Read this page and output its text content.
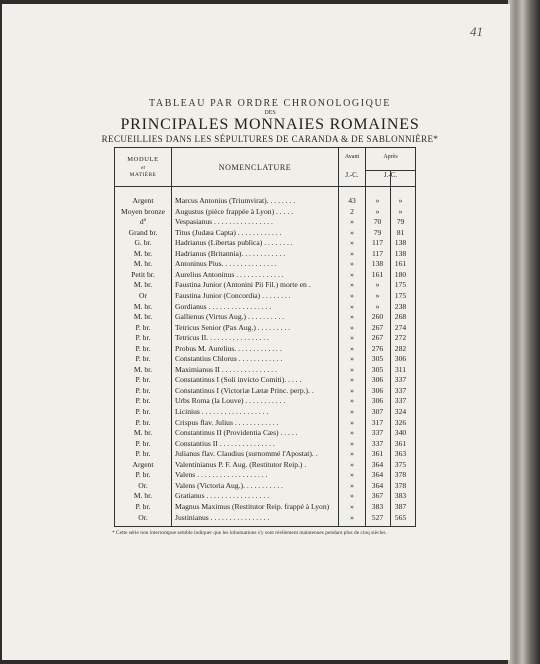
41
TABLEAU PAR ORDRE CHRONOLOGIQUE
DES
PRINCIPALES MONNAIES ROMAINES
RECUEILLIES DANS LES SÉPULTURES DE CARANDA & DE SABLONNIÈRE*
MODULE
et
MATIÈRE
NOMENCLATURE
Avant
J.-C.
Après
J.-C.
Argent	Marcus Antonius (Triumvirat). . . . . . . .	43	»	»
Moyen bronze	Augustus (pièce frappée à Lyon) . . . . .	2	»	»
dº	Vespasianus . . . . . . . . . . . . . . . .	»	70 79
Grand br.	Titus (Judæa Capta) . . . . . . . . . . . .	»	79 81
G. br.	Hadrianus (Libertas publica) . . . . . . . .	»	117 138
M. br.	Hadrianus (Britannia). . . . . . . . . . . .	»	117 138
M. br.	Antoninus Pius. . . . . . . . . . . . . . .	»	138 161
Petit br.	Aurelius Antoninus . . . . . . . . . . . . .	»	161 180
M. br.	Faustina Junior (Antonini Pii Fil.) morte en .	»	» 175
Or	Faustina Junior (Concordia) . . . . . . . .	»	» 175
M. br.	Gordianus . . . . . . . . . . . . . . . . .	»	» 238
M. br.	Gallienus (Virtus Aug.) . . . . . . . . . .	»	260 268
P. br.	Tetricus Senior (Pax Aug.) . . . . . . . . .	»	267 274
P. br.	Tetricus II. . . . . . . . . . . . . . . . .	»	267 272
P. br.	Probus M. Aurelius. . . . . . . . . . . . .	»	276 282
P. br.	Constantius Chlorus . . . . . . . . . . . .	»	305 306
M. br.	Maximianus II . . . . . . . . . . . . . . .	»	305 311
P. br.	Constantinus I (Soli invicto Comiti). . . . .	»	306 337
P. br.	Constantinus I (Victoriæ Lætæ Princ. perp.). .	»	306 337
P. br.	Urbs Roma (la Louve) . . . . . . . . . . .	»	306 337
P. br.	Licinius . . . . . . . . . . . . . . . . . .	»	307 324
P. br.	Crispus flav. Julius . . . . . . . . . . . .	»	317 326
M. br.	Constantinus II (Providentia Cæs) . . . . .	»	337 340
P. br.	Constantius II . . . . . . . . . . . . . . .	»	337 361
P. br.	Julianus flav. Claudius (surnommé l'Apostat). .	»	361 363
Argent	Valentinianus P. F. Aug. (Restitutor Reip.) .	»	364 375
P. br.	Valens . . . . . . . . . . . . . . . . . . .	»	364 378
Or.	Valens (Victoria Aug.). . . . . . . . . . .	»	364 378
M. br.	Gratianus . . . . . . . . . . . . . . . . .	»	367 383
P. br.	Magnus Maximus (Restitutor Reip. frappé à Lyon)	»	383 387
Or.	Justinianus . . . . . . . . . . . . . . . .	»	527 565
* Cette série non interrompue semble indiquer que les inhumations s'y sont réellement maintenues pendant plus de cinq siècles.
